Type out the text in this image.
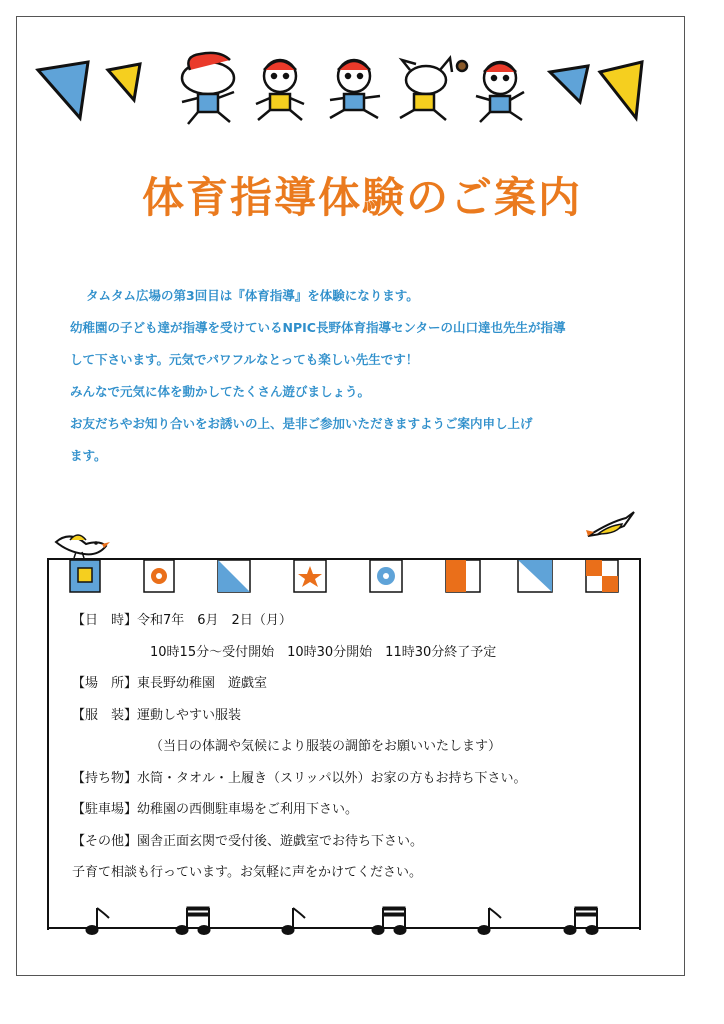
体育指導体験のご案内
タムタム広場の第3回目は『体育指導』を体験になります。
幼稚園の子ども達が指導を受けているNPIC長野体育指導センターの山口達也先生が指導
して下さいます。元気でパワフルなとっても楽しい先生です！
みんなで元気に体を動かしてたくさん遊びましょう。
お友だちやお知り合いをお誘いの上、是非ご参加いただきますようご案内申し上げ
ます。
【日　時】令和7年　6月　2日（月）
10時15分～受付開始　10時30分開始　11時30分終了予定
【場　所】東長野幼稚園　遊戯室
【服　装】運動しやすい服装
（当日の体調や気候により服装の調節をお願いいたします）
【持ち物】水筒・タオル・上履き（スリッパ以外）お家の方もお持ち下さい。
【駐車場】幼稚園の西側駐車場をご利用下さい。
【その他】園舎正面玄関で受付後、遊戯室でお待ち下さい。
子育て相談も行っています。お気軽に声をかけてください。
